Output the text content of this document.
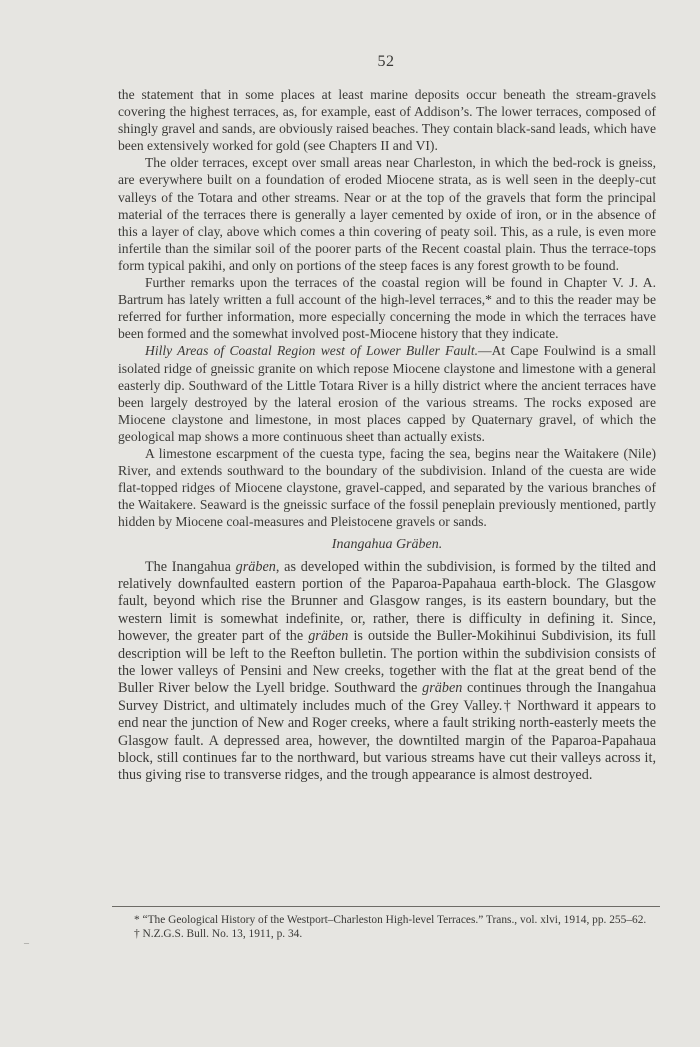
52

the statement that in some places at least marine deposits occur beneath the stream-gravels covering the highest terraces, as, for example, east of Addison’s. The lower terraces, composed of shingly gravel and sands, are obviously raised beaches. They contain black-sand leads, which have been extensively worked for gold (see Chapters II and VI).

The older terraces, except over small areas near Charleston, in which the bed-rock is gneiss, are everywhere built on a foundation of eroded Miocene strata, as is well seen in the deeply-cut valleys of the Totara and other streams. Near or at the top of the gravels that form the principal material of the terraces there is generally a layer cemented by oxide of iron, or in the absence of this a layer of clay, above which comes a thin covering of peaty soil. This, as a rule, is even more infertile than the similar soil of the poorer parts of the Recent coastal plain. Thus the terrace-tops form typical pakihi, and only on portions of the steep faces is any forest growth to be found.

Further remarks upon the terraces of the coastal region will be found in Chapter V. J. A. Bartrum has lately written a full account of the high-level terraces,* and to this the reader may be referred for further information, more especially concerning the mode in which the terraces have been formed and the somewhat involved post-Miocene history that they indicate.

Hilly Areas of Coastal Region west of Lower Buller Fault.—At Cape Foulwind is a small isolated ridge of gneissic granite on which repose Miocene claystone and limestone with a general easterly dip. Southward of the Little Totara River is a hilly district where the ancient terraces have been largely destroyed by the lateral erosion of the various streams. The rocks exposed are Miocene claystone and limestone, in most places capped by Quaternary gravel, of which the geological map shows a more continuous sheet than actually exists.

A limestone escarpment of the cuesta type, facing the sea, begins near the Waitakere (Nile) River, and extends southward to the boundary of the subdivision. Inland of the cuesta are wide flat-topped ridges of Miocene claystone, gravel-capped, and separated by the various branches of the Waitakere. Seaward is the gneissic surface of the fossil peneplain previously mentioned, partly hidden by Miocene coal-measures and Pleistocene gravels or sands.

Inangahua Gräben.

The Inangahua gräben, as developed within the subdivision, is formed by the tilted and relatively downfaulted eastern portion of the Paparoa-Papahaua earth-block. The Glasgow fault, beyond which rise the Brunner and Glasgow ranges, is its eastern boundary, but the western limit is somewhat indefinite, or, rather, there is difficulty in defining it. Since, however, the greater part of the gräben is outside the Buller-Mokihinui Subdivision, its full description will be left to the Reefton bulletin. The portion within the subdivision consists of the lower valleys of Pensini and New creeks, together with the flat at the great bend of the Buller River below the Lyell bridge. Southward the gräben continues through the Inangahua Survey District, and ultimately includes much of the Grey Valley.† Northward it appears to end near the junction of New and Roger creeks, where a fault striking north-easterly meets the Glasgow fault. A depressed area, however, the downtilted margin of the Paparoa-Papahaua block, still continues far to the northward, but various streams have cut their valleys across it, thus giving rise to transverse ridges, and the trough appearance is almost destroyed.

* “The Geological History of the Westport–Charleston High-level Terraces.” Trans., vol. xlvi, 1914, pp. 255–62.

† N.Z.G.S. Bull. No. 13, 1911, p. 34.

–
